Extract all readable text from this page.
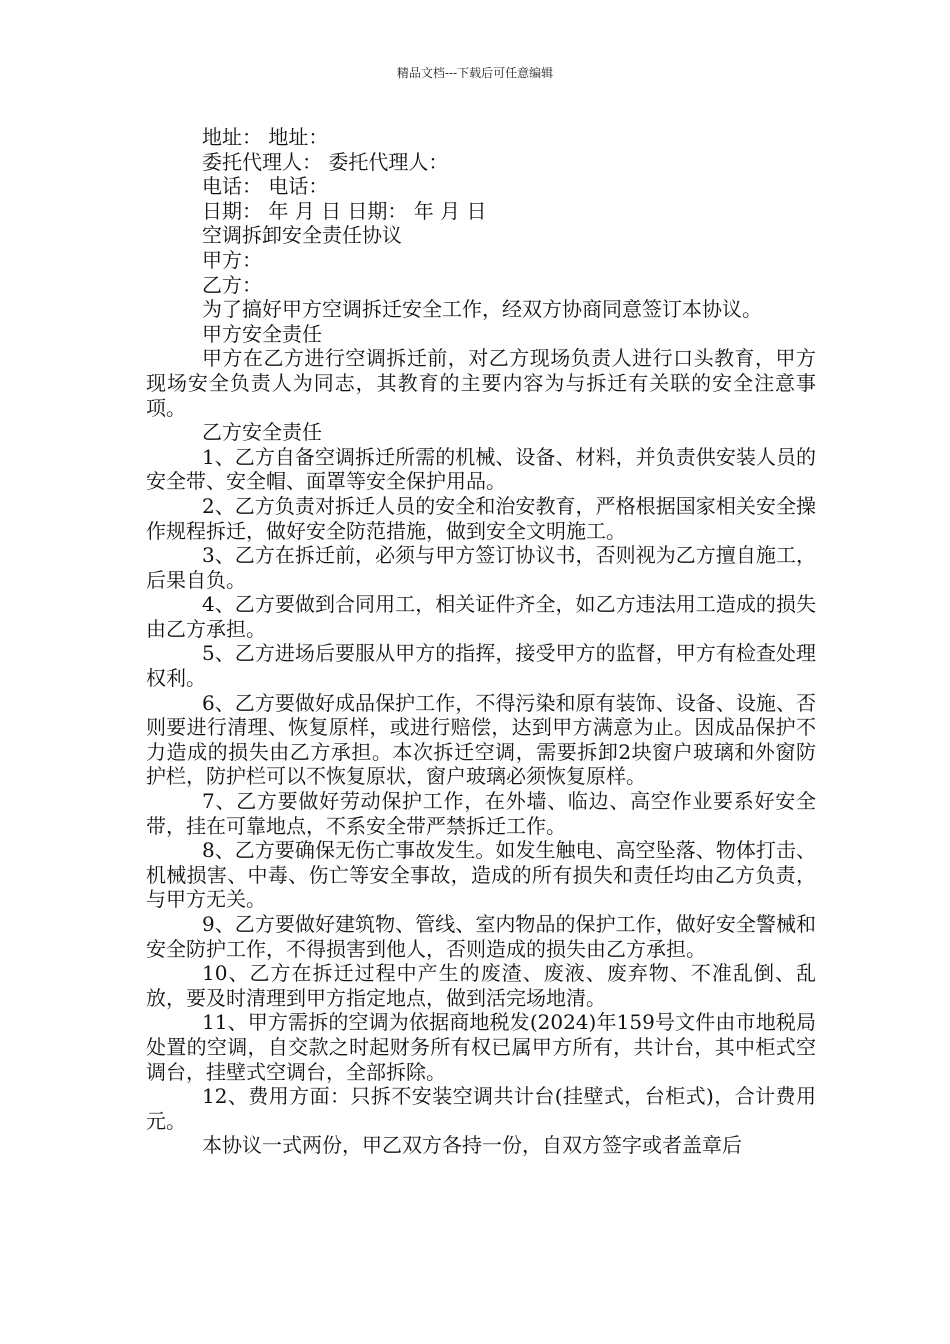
精品文档---下载后可任意编辑

地址： 地址：

委托代理人： 委托代理人：

电话： 电话：

日期： 年 月 日 日期： 年 月 日

空调拆卸安全责任协议

甲方：

乙方：

为了搞好甲方空调拆迁安全工作，经双方协商同意签订本协议。

甲方安全责任

甲方在乙方进行空调拆迁前，对乙方现场负责人进行口头教育，甲方现场安全负责人为同志，其教育的主要内容为与拆迁有关联的安全注意事项。

乙方安全责任

1、乙方自备空调拆迁所需的机械、设备、材料，并负责供安装人员的安全带、安全帽、面罩等安全保护用品。

2、乙方负责对拆迁人员的安全和治安教育，严格根据国家相关安全操作规程拆迁，做好安全防范措施，做到安全文明施工。

3、乙方在拆迁前，必须与甲方签订协议书，否则视为乙方擅自施工，后果自负。

4、乙方要做到合同用工，相关证件齐全，如乙方违法用工造成的损失由乙方承担。

5、乙方进场后要服从甲方的指挥，接受甲方的监督，甲方有检查处理权利。

6、乙方要做好成品保护工作，不得污染和原有装饰、设备、设施、否则要进行清理、恢复原样，或进行赔偿，达到甲方满意为止。因成品保护不力造成的损失由乙方承担。本次拆迁空调，需要拆卸2块窗户玻璃和外窗防护栏，防护栏可以不恢复原状，窗户玻璃必须恢复原样。

7、乙方要做好劳动保护工作，在外墙、临边、高空作业要系好安全带，挂在可靠地点，不系安全带严禁拆迁工作。

8、乙方要确保无伤亡事故发生。如发生触电、高空坠落、物体打击、机械损害、中毒、伤亡等安全事故，造成的所有损失和责任均由乙方负责，与甲方无关。

9、乙方要做好建筑物、管线、室内物品的保护工作，做好安全警械和安全防护工作，不得损害到他人，否则造成的损失由乙方承担。

10、乙方在拆迁过程中产生的废渣、废液、废弃物、不准乱倒、乱放，要及时清理到甲方指定地点，做到活完场地清。

11、甲方需拆的空调为依据商地税发(2024)年159号文件由市地税局处置的空调，自交款之时起财务所有权已属甲方所有，共计台，其中柜式空调台，挂壁式空调台，全部拆除。

12、费用方面：只拆不安装空调共计台(挂壁式，台柜式)，合计费用元。

本协议一式两份，甲乙双方各持一份，自双方签字或者盖章后
